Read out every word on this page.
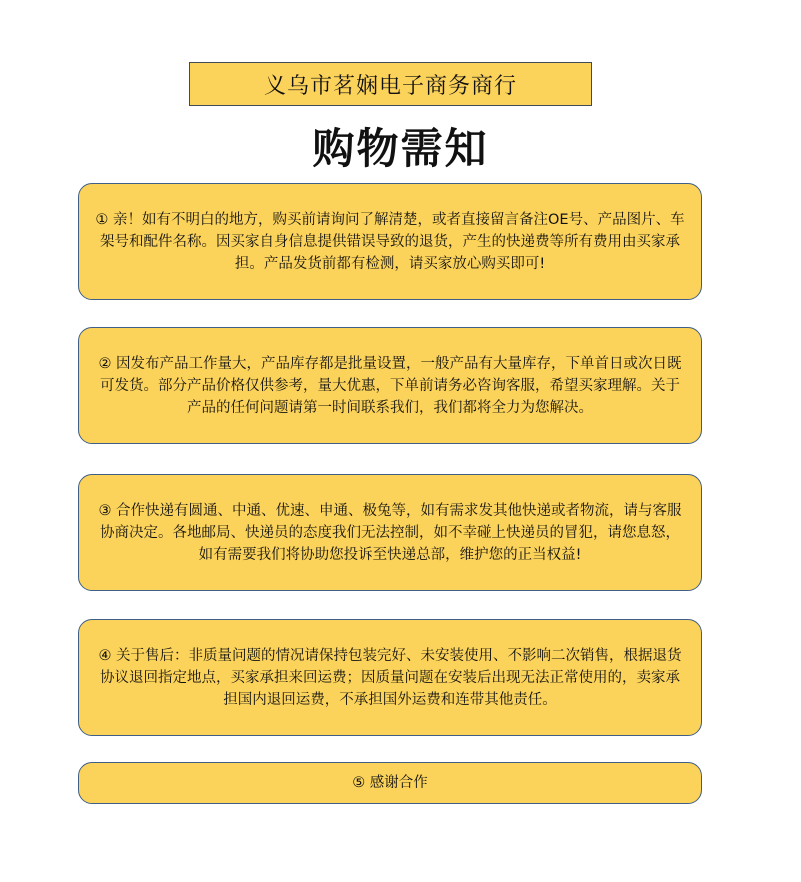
义乌市茗娴电子商务商行
购物需知
① 亲！如有不明白的地方，购买前请询问了解清楚，或者直接留言备注OE号、产品图片、车架号和配件名称。因买家自身信息提供错误导致的退货，产生的快递费等所有费用由买家承担。产品发货前都有检测，请买家放心购买即可!
② 因发布产品工作量大，产品库存都是批量设置，一般产品有大量库存，下单首日或次日既可发货。部分产品价格仅供参考，量大优惠，下单前请务必咨询客服，希望买家理解。关于产品的任何问题请第一时间联系我们，我们都将全力为您解决。
③ 合作快递有圆通、中通、优速、申通、极兔等，如有需求发其他快递或者物流，请与客服协商决定。各地邮局、快递员的态度我们无法控制，如不幸碰上快递员的冒犯，请您息怒，如有需要我们将协助您投诉至快递总部，维护您的正当权益!
④ 关于售后：非质量问题的情况请保持包装完好、未安装使用、不影响二次销售，根据退货协议退回指定地点，买家承担来回运费；因质量问题在安装后出现无法正常使用的，卖家承担国内退回运费，不承担国外运费和连带其他责任。
⑤ 感谢合作
